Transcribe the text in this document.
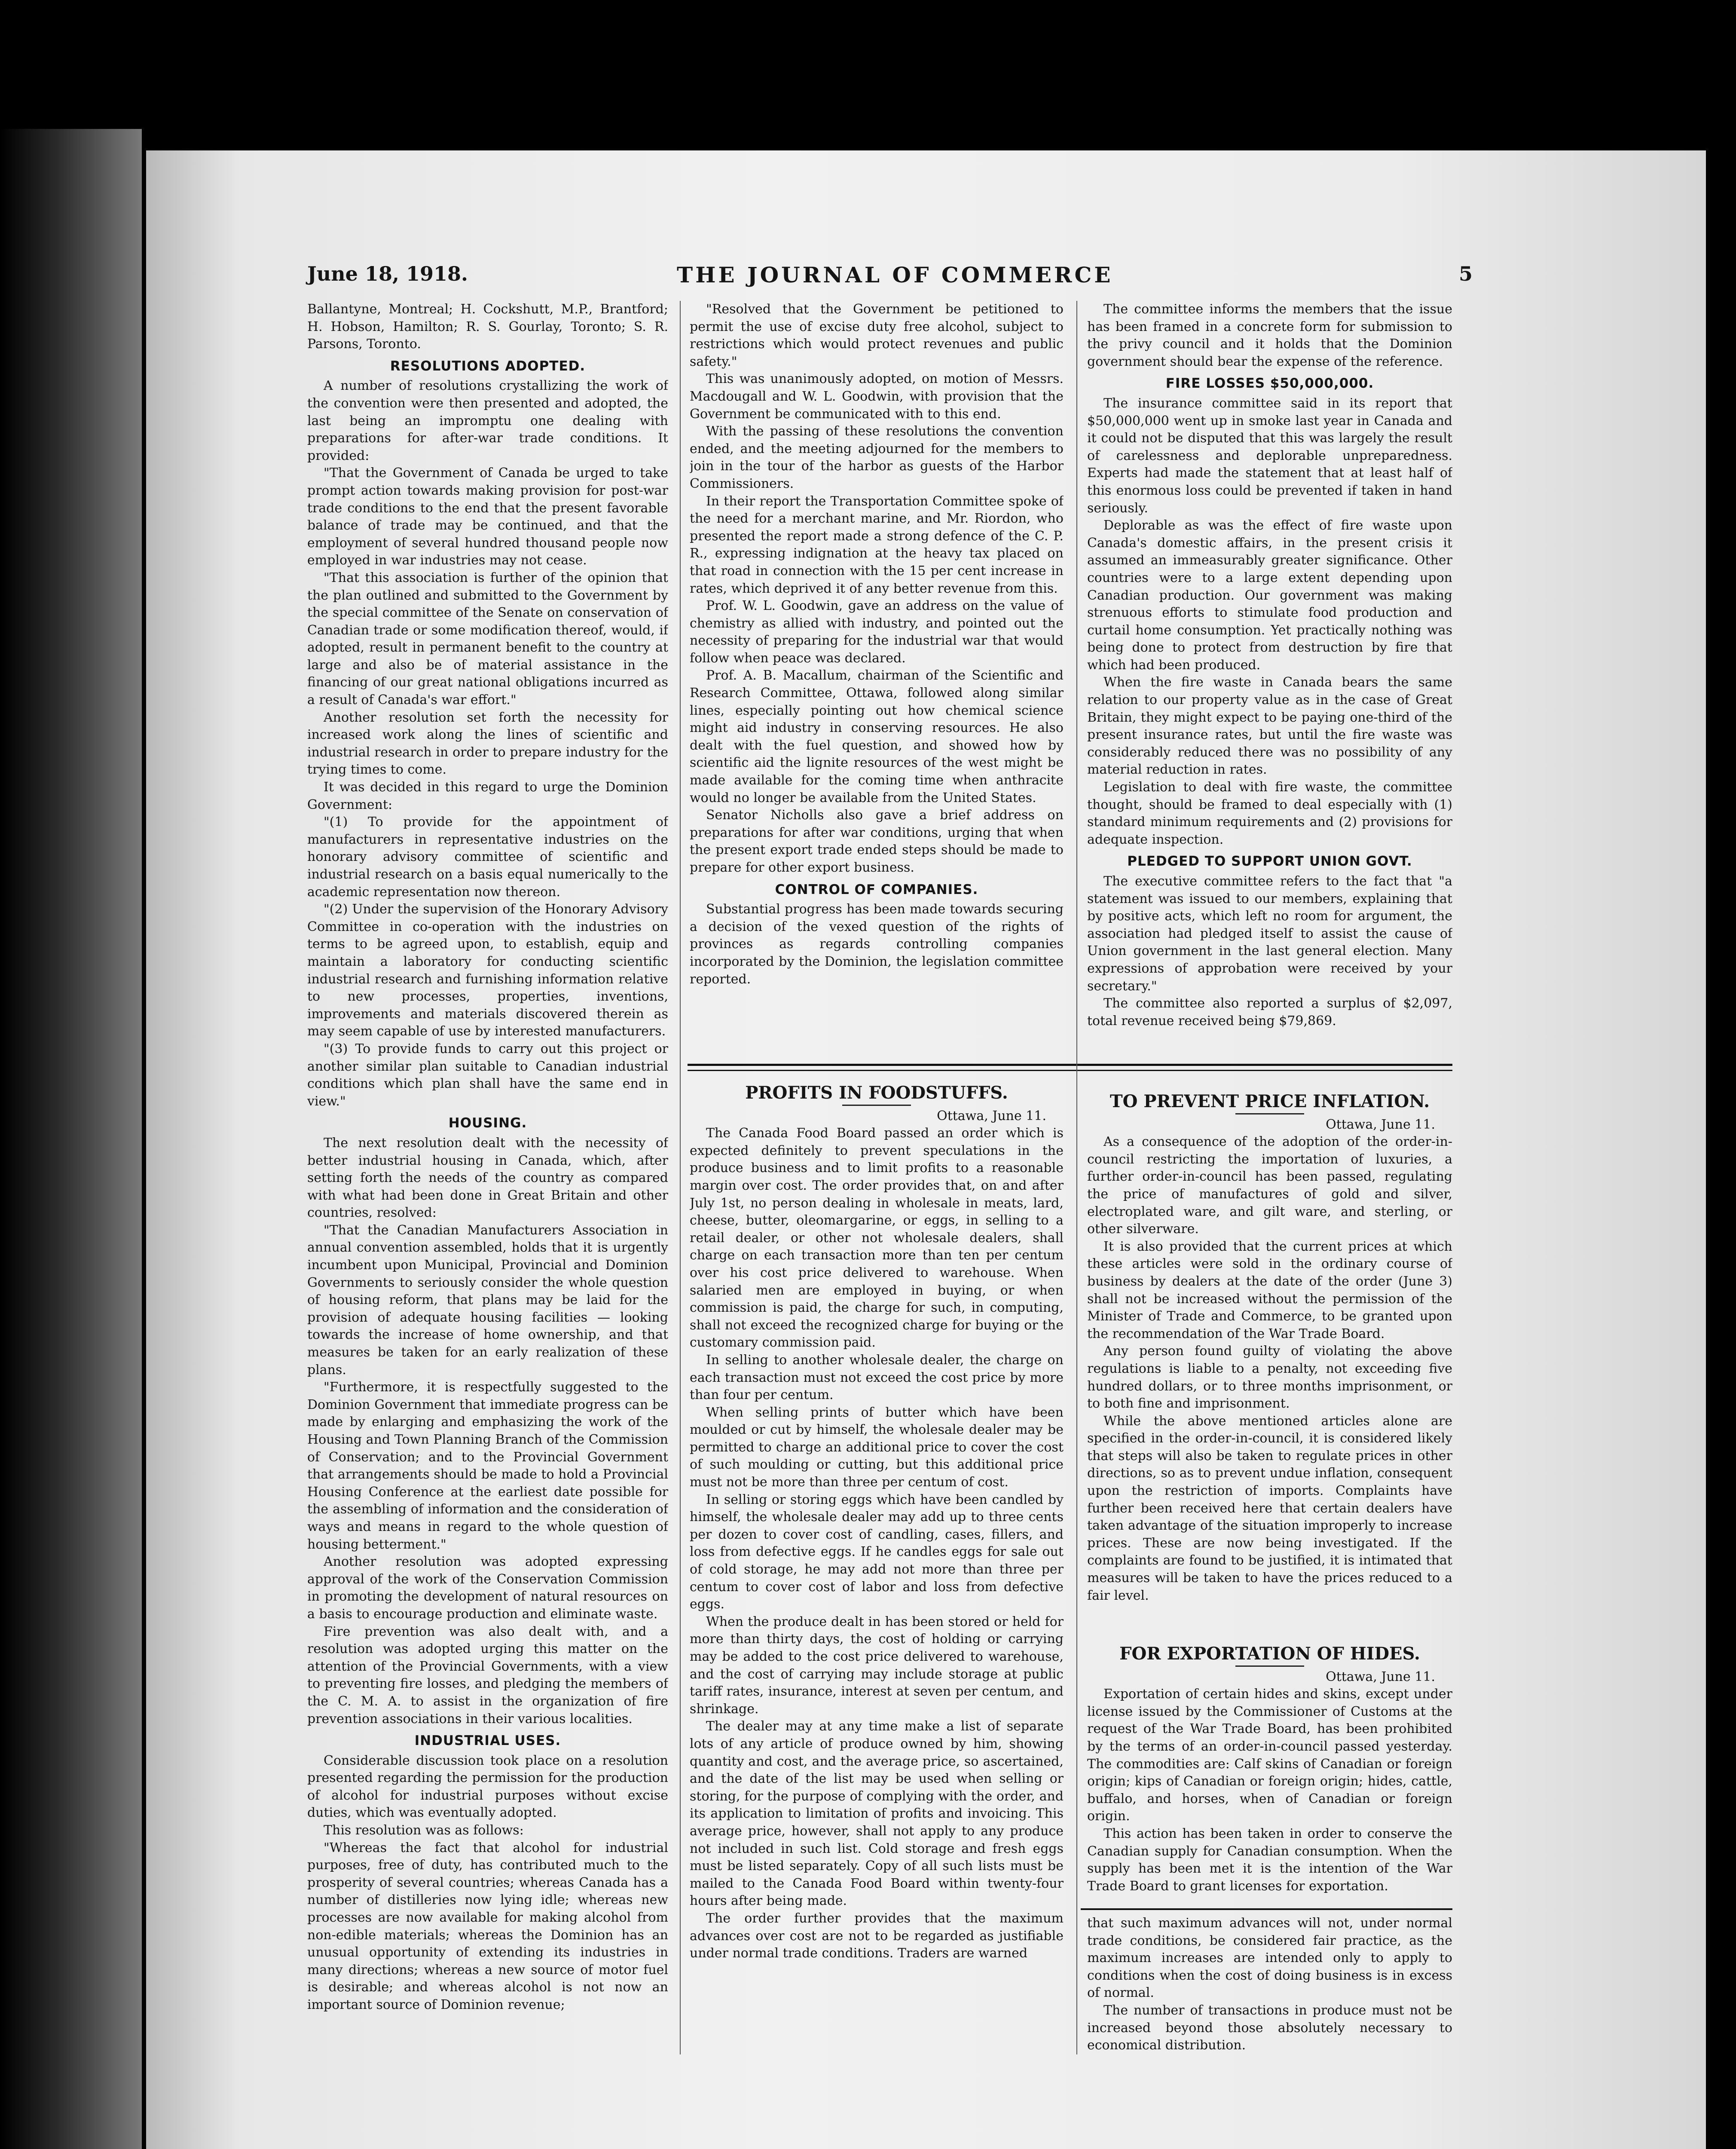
June 18, 1918.	THE JOURNAL OF COMMERCE	5

Ballantyne, Montreal; H. Cockshutt, M.P., Brantford; H. Hobson, Hamilton; R. S. Gourlay, Toronto; S. R. Parsons, Toronto.

RESOLUTIONS ADOPTED.

A number of resolutions crystallizing the work of the convention were then presented and adopted, the last being an impromptu one dealing with preparations for after-war trade conditions. It provided:

"That the Government of Canada be urged to take prompt action towards making provision for post-war trade conditions to the end that the present favorable balance of trade may be continued, and that the employment of several hundred thousand people now employed in war industries may not cease.

"That this association is further of the opinion that the plan outlined and submitted to the Government by the special committee of the Senate on conservation of Canadian trade or some modification thereof, would, if adopted, result in permanent benefit to the country at large and also be of material assistance in the financing of our great national obligations incurred as a result of Canada's war effort."

Another resolution set forth the necessity for increased work along the lines of scientific and industrial research in order to prepare industry for the trying times to come.

It was decided in this regard to urge the Dominion Government:

"(1) To provide for the appointment of manufacturers in representative industries on the honorary advisory committee of scientific and industrial research on a basis equal numerically to the academic representation now thereon.

"(2) Under the supervision of the Honorary Advisory Committee in co-operation with the industries on terms to be agreed upon, to establish, equip and maintain a laboratory for conducting scientific industrial research and furnishing information relative to new processes, properties, inventions, improvements and materials discovered therein as may seem capable of use by interested manufacturers.

"(3) To provide funds to carry out this project or another similar plan suitable to Canadian industrial conditions which plan shall have the same end in view."

HOUSING.

The next resolution dealt with the necessity of better industrial housing in Canada, which, after setting forth the needs of the country as compared with what had been done in Great Britain and other countries, resolved:

"That the Canadian Manufacturers Association in annual convention assembled, holds that it is urgently incumbent upon Municipal, Provincial and Dominion Governments to seriously consider the whole question of housing reform, that plans may be laid for the provision of adequate housing facilities — looking towards the increase of home ownership, and that measures be taken for an early realization of these plans.

"Furthermore, it is respectfully suggested to the Dominion Government that immediate progress can be made by enlarging and emphasizing the work of the Housing and Town Planning Branch of the Commission of Conservation; and to the Provincial Government that arrangements should be made to hold a Provincial Housing Conference at the earliest date possible for the assembling of information and the consideration of ways and means in regard to the whole question of housing betterment."

Another resolution was adopted expressing approval of the work of the Conservation Commission in promoting the development of natural resources on a basis to encourage production and eliminate waste.

Fire prevention was also dealt with, and a resolution was adopted urging this matter on the attention of the Provincial Governments, with a view to preventing fire losses, and pledging the members of the C. M. A. to assist in the organization of fire prevention associations in their various localities.

INDUSTRIAL USES.

Considerable discussion took place on a resolution presented regarding the permission for the production of alcohol for industrial purposes without excise duties, which was eventually adopted.

This resolution was as follows:

"Whereas the fact that alcohol for industrial purposes, free of duty, has contributed much to the prosperity of several countries; whereas Canada has a number of distilleries now lying idle; whereas new processes are now available for making alcohol from non-edible materials; whereas the Dominion has an unusual opportunity of extending its industries in many directions; whereas a new source of motor fuel is desirable; and whereas alcohol is not now an important source of Dominion revenue;

"Resolved that the Government be petitioned to permit the use of excise duty free alcohol, subject to restrictions which would protect revenues and public safety."

This was unanimously adopted, on motion of Messrs. Macdougall and W. L. Goodwin, with provision that the Government be communicated with to this end.

With the passing of these resolutions the convention ended, and the meeting adjourned for the members to join in the tour of the harbor as guests of the Harbor Commissioners.

In their report the Transportation Committee spoke of the need for a merchant marine, and Mr. Riordon, who presented the report made a strong defence of the C. P. R., expressing indignation at the heavy tax placed on that road in connection with the 15 per cent increase in rates, which deprived it of any better revenue from this.

Prof. W. L. Goodwin, gave an address on the value of chemistry as allied with industry, and pointed out the necessity of preparing for the industrial war that would follow when peace was declared.

Prof. A. B. Macallum, chairman of the Scientific and Research Committee, Ottawa, followed along similar lines, especially pointing out how chemical science might aid industry in conserving resources. He also dealt with the fuel question, and showed how by scientific aid the lignite resources of the west might be made available for the coming time when anthracite would no longer be available from the United States.

Senator Nicholls also gave a brief address on preparations for after war conditions, urging that when the present export trade ended steps should be made to prepare for other export business.

CONTROL OF COMPANIES.

Substantial progress has been made towards securing a decision of the vexed question of the rights of provinces as regards controlling companies incorporated by the Dominion, the legislation committee reported.

The committee informs the members that the issue has been framed in a concrete form for submission to the privy council and it holds that the Dominion government should bear the expense of the reference.

FIRE LOSSES $50,000,000.

The insurance committee said in its report that $50,000,000 went up in smoke last year in Canada and it could not be disputed that this was largely the result of carelessness and deplorable unpreparedness. Experts had made the statement that at least half of this enormous loss could be prevented if taken in hand seriously.

Deplorable as was the effect of fire waste upon Canada's domestic affairs, in the present crisis it assumed an immeasurably greater significance. Other countries were to a large extent depending upon Canadian production. Our government was making strenuous efforts to stimulate food production and curtail home consumption. Yet practically nothing was being done to protect from destruction by fire that which had been produced.

When the fire waste in Canada bears the same relation to our property value as in the case of Great Britain, they might expect to be paying one-third of the present insurance rates, but until the fire waste was considerably reduced there was no possibility of any material reduction in rates.

Legislation to deal with fire waste, the committee thought, should be framed to deal especially with (1) standard minimum requirements and (2) provisions for adequate inspection.

PLEDGED TO SUPPORT UNION GOVT.

The executive committee refers to the fact that "a statement was issued to our members, explaining that by positive acts, which left no room for argument, the association had pledged itself to assist the cause of Union government in the last general election. Many expressions of approbation were received by your secretary."

The committee also reported a surplus of $2,097, total revenue received being $79,869.

PROFITS IN FOODSTUFFS.

Ottawa, June 11.

The Canada Food Board passed an order which is expected definitely to prevent speculations in the produce business and to limit profits to a reasonable margin over cost. The order provides that, on and after July 1st, no person dealing in wholesale in meats, lard, cheese, butter, oleomargarine, or eggs, in selling to a retail dealer, or other not wholesale dealers, shall charge on each transaction more than ten per centum over his cost price delivered to warehouse. When salaried men are employed in buying, or when commission is paid, the charge for such, in computing, shall not exceed the recognized charge for buying or the customary commission paid.

In selling to another wholesale dealer, the charge on each transaction must not exceed the cost price by more than four per centum.

When selling prints of butter which have been moulded or cut by himself, the wholesale dealer may be permitted to charge an additional price to cover the cost of such moulding or cutting, but this additional price must not be more than three per centum of cost.

In selling or storing eggs which have been candled by himself, the wholesale dealer may add up to three cents per dozen to cover cost of candling, cases, fillers, and loss from defective eggs. If he candles eggs for sale out of cold storage, he may add not more than three per centum to cover cost of labor and loss from defective eggs.

When the produce dealt in has been stored or held for more than thirty days, the cost of holding or carrying may be added to the cost price delivered to warehouse, and the cost of carrying may include storage at public tariff rates, insurance, interest at seven per centum, and shrinkage.

The dealer may at any time make a list of separate lots of any article of produce owned by him, showing quantity and cost, and the average price, so ascertained, and the date of the list may be used when selling or storing, for the purpose of complying with the order, and its application to limitation of profits and invoicing. This average price, however, shall not apply to any produce not included in such list. Cold storage and fresh eggs must be listed separately. Copy of all such lists must be mailed to the Canada Food Board within twenty-four hours after being made.

The order further provides that the maximum advances over cost are not to be regarded as justifiable under normal trade conditions. Traders are warned

TO PREVENT PRICE INFLATION.

Ottawa, June 11.

As a consequence of the adoption of the order-in-council restricting the importation of luxuries, a further order-in-council has been passed, regulating the price of manufactures of gold and silver, electroplated ware, and gilt ware, and sterling, or other silverware.

It is also provided that the current prices at which these articles were sold in the ordinary course of business by dealers at the date of the order (June 3) shall not be increased without the permission of the Minister of Trade and Commerce, to be granted upon the recommendation of the War Trade Board.

Any person found guilty of violating the above regulations is liable to a penalty, not exceeding five hundred dollars, or to three months imprisonment, or to both fine and imprisonment.

While the above mentioned articles alone are specified in the order-in-council, it is considered likely that steps will also be taken to regulate prices in other directions, so as to prevent undue inflation, consequent upon the restriction of imports. Complaints have further been received here that certain dealers have taken advantage of the situation improperly to increase prices. These are now being investigated. If the complaints are found to be justified, it is intimated that measures will be taken to have the prices reduced to a fair level.

FOR EXPORTATION OF HIDES.

Ottawa, June 11.

Exportation of certain hides and skins, except under license issued by the Commissioner of Customs at the request of the War Trade Board, has been prohibited by the terms of an order-in-council passed yesterday. The commodities are: Calf skins of Canadian or foreign origin; kips of Canadian or foreign origin; hides, cattle, buffalo, and horses, when of Canadian or foreign origin.

This action has been taken in order to conserve the Canadian supply for Canadian consumption. When the supply has been met it is the intention of the War Trade Board to grant licenses for exportation.

that such maximum advances will not, under normal trade conditions, be considered fair practice, as the maximum increases are intended only to apply to conditions when the cost of doing business is in excess of normal.

The number of transactions in produce must not be increased beyond those absolutely necessary to economical distribution.
